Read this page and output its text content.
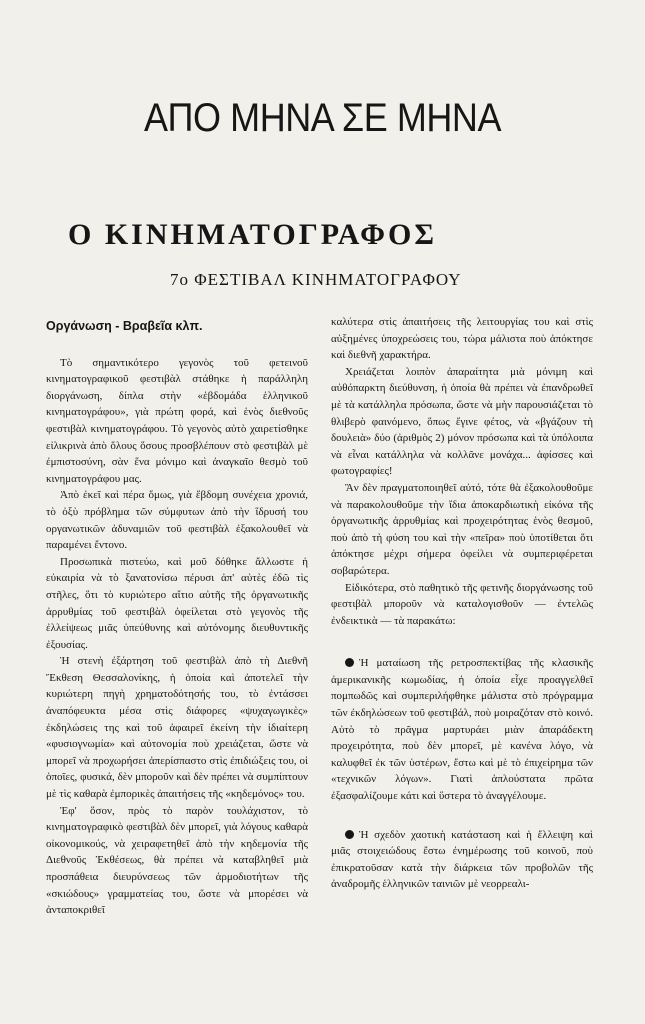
ΑΠΟ ΜΗΝΑ ΣΕ ΜΗΝΑ
Ο ΚΙΝΗΜΑΤΟΓΡΑΦΟΣ
7ο ΦΕΣΤΙΒΑΛ ΚΙΝΗΜΑΤΟΓΡΑΦΟΥ
Οργάνωση - Βραβεῖα κλπ.

Τὸ σημαντικότερο γεγονὸς τοῦ φετεινοῦ κινηματογραφικοῦ φεστιβὰλ στάθηκε ἡ παράλληλη διοργάνωση, δίπλα στὴν «ἑβδομάδα ἑλληνικοῦ κινηματογράφου», γιὰ πρώτη φορά, καὶ ἑνὸς διεθνοῦς φεστιβὰλ κινηματογράφου. Τὸ γεγονὸς αὐτὸ χαιρετίσθηκε εἰλικρινὰ ἀπὸ ὅλους ὅσους προσβλέπουν στὸ φεστιβὰλ μὲ ἐμπιστοσύνη, σὰν ἕνα μόνιμο καὶ ἀναγκαῖο θεσμὸ τοῦ κινηματογράφου μας.

Ἀπὸ ἐκεῖ καὶ πέρα ὅμως, γιὰ ἕβδομη συνέχεια χρονιά, τὸ ὀξὺ πρόβλημα τῶν σύμφυτων ἀπὸ τὴν ἵδρυσή του οργανωτικῶν ἀδυναμιῶν τοῦ φεστιβὰλ ἐξακολουθεῖ νὰ παραμένει ἔντονο.

Προσωπικὰ πιστεύω, καὶ μοῦ δόθηκε ἄλλωστε ἡ εὐκαιρία νὰ τὸ ξανατονίσω πέρυσι ἀπ' αὐτὲς ἐδῶ τὶς στῆλες, ὅτι τὸ κυριώτερο αἴτιο αὐτῆς τῆς ὀργανωτικῆς ἀρρυθμίας τοῦ φεστιβὰλ ὀφείλεται στὸ γεγονὸς τῆς ἐλλείψεως μιᾶς ὑπεύθυνης καὶ αὐτόνομης διευθυντικῆς ἐξουσίας.

Ἡ στενὴ ἐξάρτηση τοῦ φεστιβὰλ ἀπὸ τὴ Διεθνῆ Ἔκθεση Θεσσαλονίκης, ἡ ὁποία καὶ ἀποτελεῖ τὴν κυριώτερη πηγὴ χρηματοδότησής του, τὸ ἐντάσσει ἀναπόφευκτα μέσα στὶς διάφορες «ψυχαγωγικὲς» ἐκδηλώσεις της καὶ τοῦ ἀφαιρεῖ ἐκείνη τὴν ἰδιαίτερη «φυσιογνωμία» καὶ αὐτονομία ποὺ χρειάζεται, ὥστε νὰ μπορεῖ νὰ προχωρήσει ἀπερίσπαστο στὶς ἐπιδιώξεις του, οἱ ὁποῖες, φυσικά, δὲν μποροῦν καὶ δὲν πρέπει νὰ συμπίπτουν μὲ τὶς καθαρὰ ἐμπορικὲς ἀπαιτήσεις τῆς «κηδεμόνος» του.

Ἐφ' ὅσον, πρὸς τὸ παρὸν τουλάχιστον, τὸ κινηματογραφικὸ φεστιβὰλ δὲν μπορεῖ, γιὰ λόγους καθαρὰ οἰκονομικούς, νὰ χειραφετηθεῖ ἀπὸ τὴν κηδεμονία τῆς Διεθνοῦς Ἐκθέσεως, θὰ πρέπει νὰ καταβληθεῖ μιὰ προσπάθεια διευρύνσεως τῶν ἁρμοδιοτήτων τῆς «σκιώδους» γραμματείας του, ὥστε νὰ μπορέσει νὰ ἀνταποκριθεῖ

καλύτερα στὶς ἀπαιτήσεις τῆς λειτουργίας του καὶ στὶς αὐξημένες ὑποχρεώσεις του, τώρα μάλιστα ποὺ ἀπόκτησε καὶ διεθνῆ χαρακτήρα.

Χρειάζεται λοιπὸν ἀπαραίτητα μιὰ μόνιμη καὶ αὐθόπαρκτη διεύθυνση, ἡ ὁποία θὰ πρέπει νὰ ἐπανδρωθεῖ μὲ τὰ κατάλληλα πρόσωπα, ὥστε νὰ μὴν παρουσιάζεται τὸ θλιβερὸ φαινόμενο, ὅπως ἔγινε φέτος, νὰ «βγάζουν τὴ δουλειὰ» δύο (ἀριθμὸς 2) μόνον πρόσωπα καὶ τὰ ὑπόλοιπα νὰ εἶναι κατάλληλα νὰ κολλᾶνε μονάχα... ἀφίσσες καὶ φωτογραφίες!

Ἂν δὲν πραγματοποιηθεῖ αὐτό, τότε θὰ ἐξακολουθοῦμε νὰ παρακολουθοῦμε τὴν ἴδια ἀποκαρδιωτικὴ εἰκόνα τῆς ὀργανωτικῆς ἀρρυθμίας καὶ προχειρότητας ἑνὸς θεσμοῦ, ποὺ ἀπὸ τὴ φύση του καὶ τὴν «πεῖρα» ποὺ ὑποτίθεται ὅτι ἀπόκτησε μέχρι σήμερα ὀφείλει νὰ συμπεριφέρεται σοβαρώτερα.

Εἰδικότερα, στὸ παθητικὸ τῆς φετινῆς διοργάνωσης τοῦ φεστιβὰλ μποροῦν νὰ καταλογισθοῦν — ἐντελῶς ἐνδεικτικὰ — τὰ παρακάτω:

Ἡ ματαίωση τῆς ρετροσπεκτίβας τῆς κλασικῆς ἀμερικανικῆς κωμωδίας, ἡ ὁποία εἶχε προαγγελθεῖ πομπωδῶς καὶ συμπεριλήφθηκε μάλιστα στὸ πρόγραμμα τῶν ἐκδηλώσεων τοῦ φεστιβάλ, ποὺ μοιραζόταν στὸ κοινό. Αὐτὸ τὸ πρᾶγμα μαρτυράει μιὰν ἀπαράδεκτη προχειρότητα, ποὺ δὲν μπορεῖ, μὲ κανένα λόγο, νὰ καλυφθεῖ ἐκ τῶν ὑστέρων, ἔστω καὶ μὲ τὸ ἐπιχείρημα τῶν «τεχνικῶν λόγων». Γιατὶ ἁπλούστατα πρῶτα ἐξασφαλίζουμε κάτι καὶ ὕστερα τὸ ἀναγγέλουμε.
Ἡ σχεδὸν χαοτικὴ κατάσταση καὶ ἡ ἔλλειψη καὶ μιᾶς στοιχειώδους ἔστω ἐνημέρωσης τοῦ κοινοῦ, ποὺ ἐπικρατοῦσαν κατὰ τὴν διάρκεια τῶν προβολῶν τῆς ἀναδρομῆς ἑλληνικῶν ταινιῶν μὲ νεορρεαλι-
